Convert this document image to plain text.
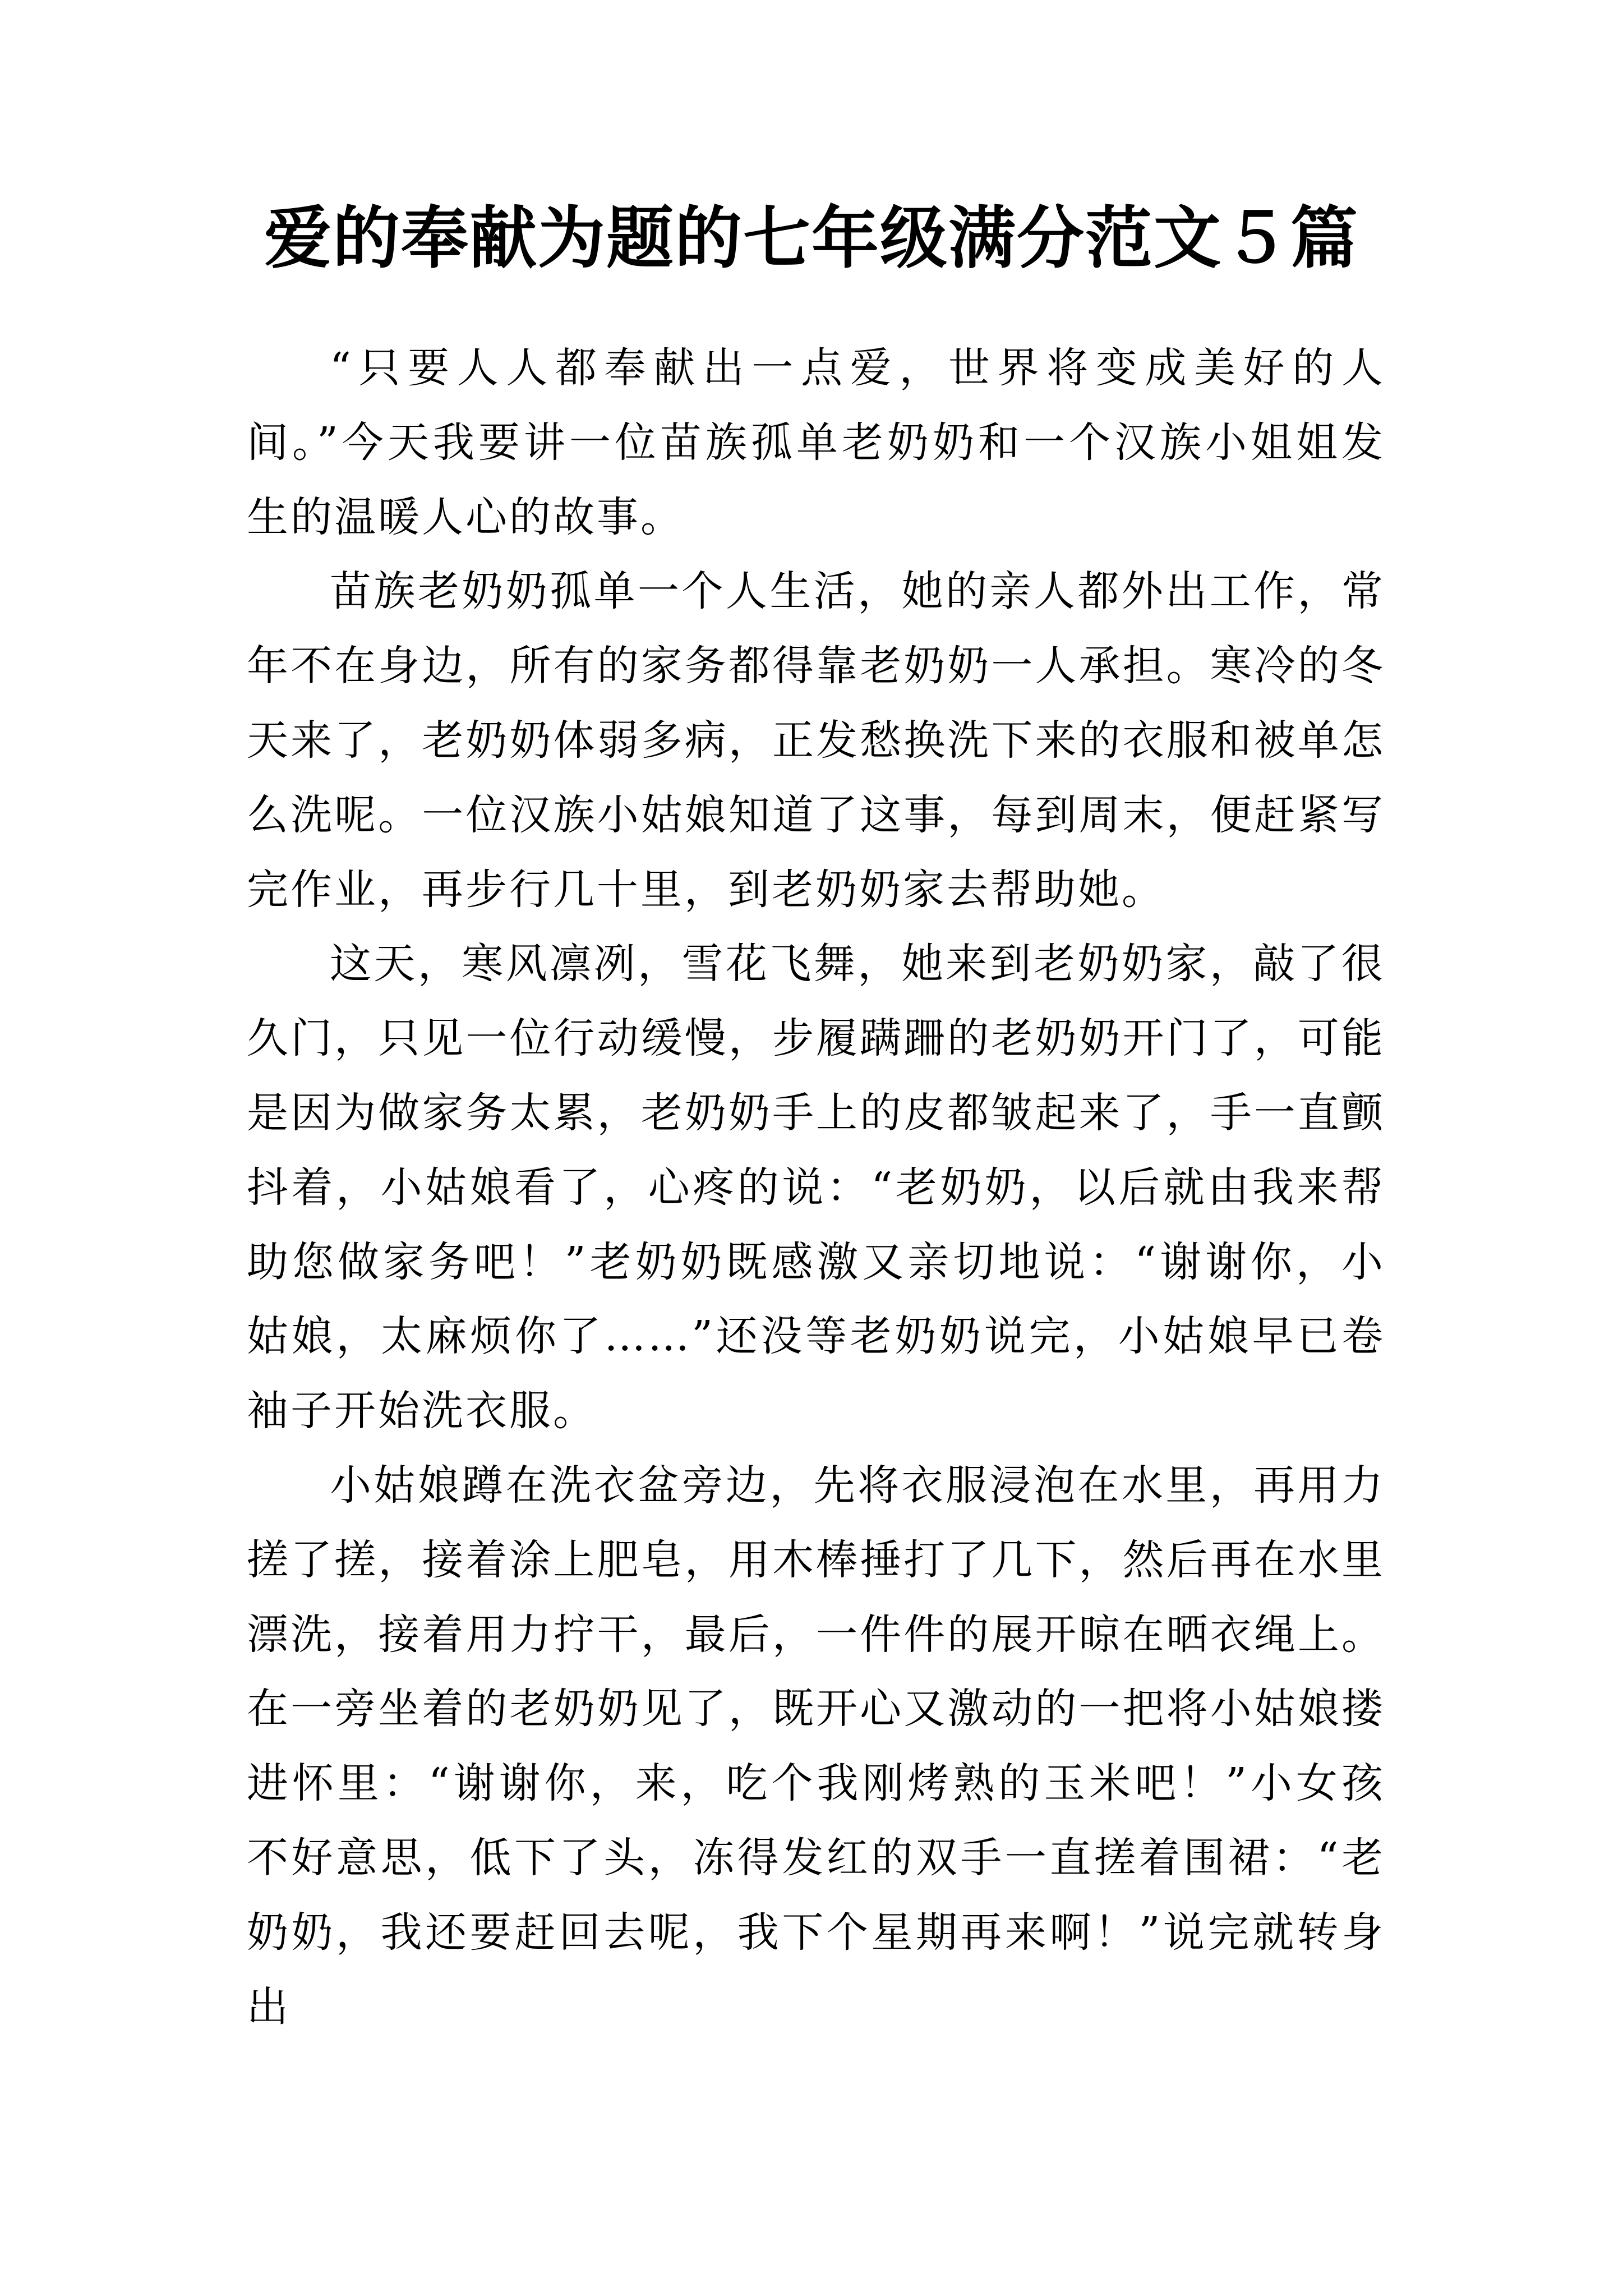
爱的奉献为题的七年级满分范文５篇

“只要人人都奉献出一点爱，世界将变成美好的人间。”今天我要讲一位苗族孤单老奶奶和一个汉族小姐姐发生的温暖人心的故事。

苗族老奶奶孤单一个人生活，她的亲人都外出工作，常年不在身边，所有的家务都得靠老奶奶一人承担。寒冷的冬天来了，老奶奶体弱多病，正发愁换洗下来的衣服和被单怎么洗呢。一位汉族小姑娘知道了这事，每到周末，便赶紧写完作业，再步行几十里，到老奶奶家去帮助她。

这天，寒风凛冽，雪花飞舞，她来到老奶奶家，敲了很久门，只见一位行动缓慢，步履蹒跚的老奶奶开门了，可能是因为做家务太累，老奶奶手上的皮都皱起来了，手一直颤抖着，小姑娘看了，心疼的说：“老奶奶，以后就由我来帮助您做家务吧！”老奶奶既感激又亲切地说：“谢谢你，小姑娘，太麻烦你了……”还没等老奶奶说完，小姑娘早已卷袖子开始洗衣服。

小姑娘蹲在洗衣盆旁边，先将衣服浸泡在水里，再用力搓了搓，接着涂上肥皂，用木棒捶打了几下，然后再在水里漂洗，接着用力拧干，最后，一件件的展开晾在晒衣绳上。在一旁坐着的老奶奶见了，既开心又激动的一把将小姑娘搂进怀里：“谢谢你，来，吃个我刚烤熟的玉米吧！”小女孩不好意思，低下了头，冻得发红的双手一直搓着围裙：“老奶奶，我还要赶回去呢，我下个星期再来啊！”说完就转身出
